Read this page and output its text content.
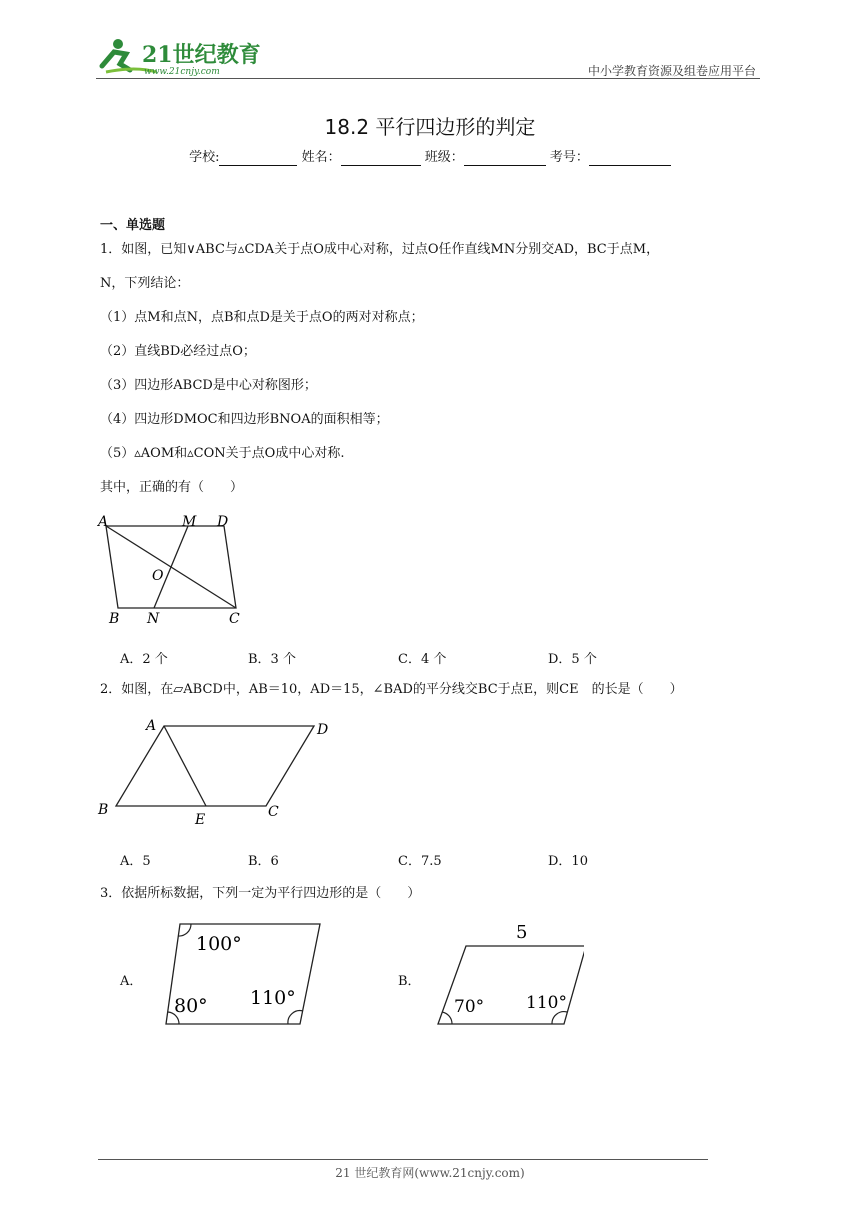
21世纪教育
www.21cnjy.com	中小学教育资源及组卷应用平台
18.2 平行四边形的判定
学校:	姓名：	班级：	考号：
一、单选题
1．如图，已知∨ABC与▵CDA关于点O成中心对称，过点O任作直线MN分别交AD，BC于点M，
N，下列结论：
（1）点M和点N，点B和点D是关于点O的两对对称点；
（2）直线BD必经过点O；
（3）四边形ABCD是中心对称图形；
（4）四边形DMOC和四边形BNOA的面积相等；
（5）▵AOM和▵CON关于点O成中心对称.
其中，正确的有（　　）
A	M D
O
B N	C
A．2 个	B．3 个	C．4 个	D．5 个
2．如图，在▱ABCD中，AB＝10，AD＝15，∠BAD的平分线交BC于点E，则CE　的长是（　　）
A	D
B
E	C
A．5	B．6	C．7.5	D．10
3．依据所标数据，下列一定为平行四边形的是（　　）
A．
100°
80° 110°
B．
5
70° 110°
21 世纪教育网(www.21cnjy.com)
